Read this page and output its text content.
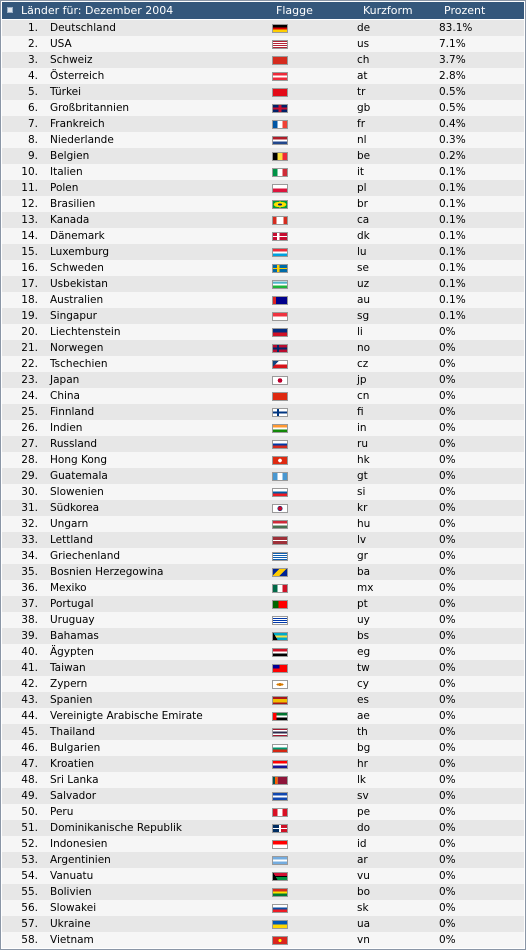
Länder für: Dezember 2004	Flagge	Kurzform	Prozent
1. Deutschland	de	83.1%
2. USA	us	7.1%
3. Schweiz	ch	3.7%
4. Österreich	at	2.8%
5. Türkei	tr	0.5%
6. Großbritannien	gb	0.5%
7. Frankreich	fr	0.4%
8. Niederlande	nl	0.3%
9. Belgien	be	0.2%
10. Italien	it	0.1%
11. Polen	pl	0.1%
12. Brasilien	br	0.1%
13. Kanada	ca	0.1%
14. Dänemark	dk	0.1%
15. Luxemburg	lu	0.1%
16. Schweden	se	0.1%
17. Usbekistan	uz	0.1%
18. Australien	au	0.1%
19. Singapur	sg	0.1%
20. Liechtenstein	li	0%
21. Norwegen	no	0%
22. Tschechien	cz	0%
23. Japan	jp	0%
24. China	cn	0%
25. Finnland	fi	0%
26. Indien	in	0%
27. Russland	ru	0%
28. Hong Kong	hk	0%
29. Guatemala	gt	0%
30. Slowenien	si	0%
31. Südkorea	kr	0%
32. Ungarn	hu	0%
33. Lettland	lv	0%
34. Griechenland	gr	0%
35. Bosnien Herzegowina	ba	0%
36. Mexiko	mx	0%
37. Portugal	pt	0%
38. Uruguay	uy	0%
39. Bahamas	bs	0%
40. Ägypten	eg	0%
41. Taiwan	tw	0%
42. Zypern	cy	0%
43. Spanien	es	0%
44. Vereinigte Arabische Emirate	ae	0%
45. Thailand	th	0%
46. Bulgarien	bg	0%
47. Kroatien	hr	0%
48. Sri Lanka	lk	0%
49. Salvador	sv	0%
50. Peru	pe	0%
51. Dominikanische Republik	do	0%
52. Indonesien	id	0%
53. Argentinien	ar	0%
54. Vanuatu	vu	0%
55. Bolivien	bo	0%
56. Slowakei	sk	0%
57. Ukraine	ua	0%
58. Vietnam	vn	0%
